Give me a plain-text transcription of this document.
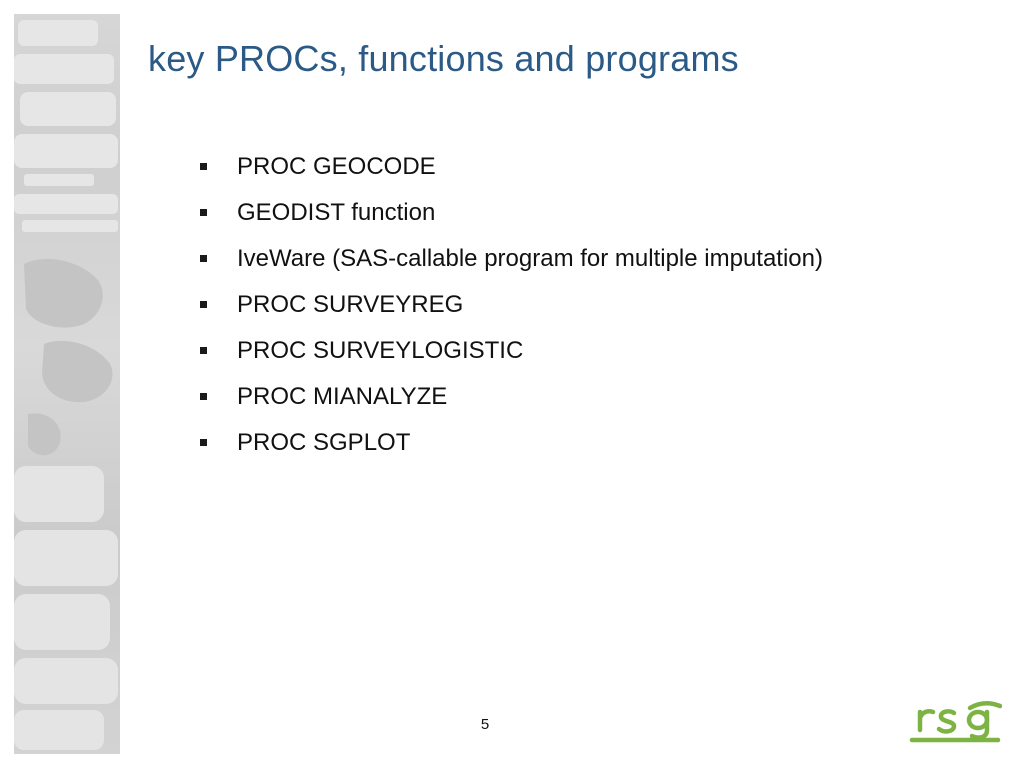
key PROCs, functions and programs
PROC GEOCODE
GEODIST function
IveWare (SAS-callable program for multiple imputation)
PROC SURVEYREG
PROC SURVEYLOGISTIC
PROC MIANALYZE
PROC SGPLOT
5
